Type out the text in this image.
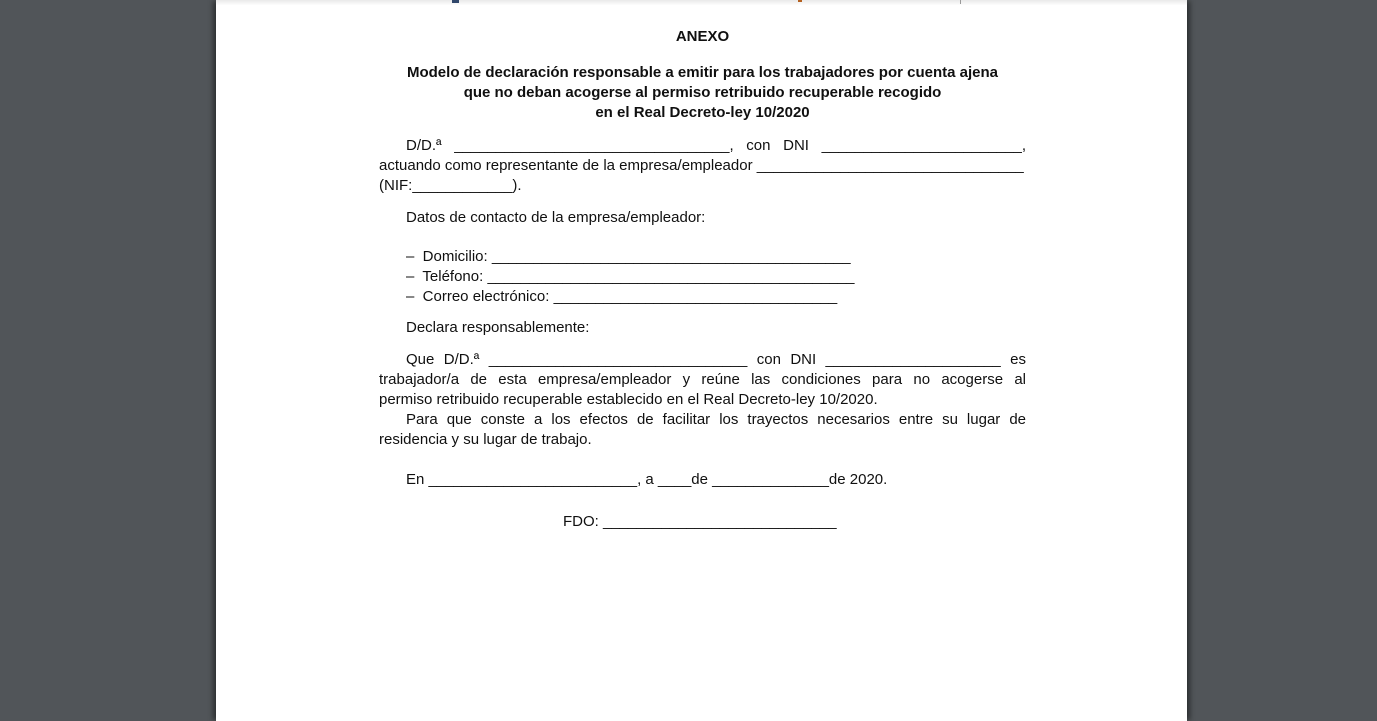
ANEXO
Modelo de declaración responsable a emitir para los trabajadores por cuenta ajena
que no deban acogerse al permiso retribuido recuperable recogido
en el Real Decreto-ley 10/2020
D/D.ª _________________________________, con DNI ________________________,
actuando como representante de la empresa/empleador ________________________________
(NIF:____________).
Datos de contacto de la empresa/empleador:
–  Domicilio: ___________________________________________
–  Teléfono: ____________________________________________
–  Correo electrónico: __________________________________
Declara responsablemente:
Que D/D.ª _______________________________ con DNI _____________________ es
trabajador/a de esta empresa/empleador y reúne las condiciones para no acogerse al
permiso retribuido recuperable establecido en el Real Decreto-ley 10/2020.
Para que conste a los efectos de facilitar los trayectos necesarios entre su lugar de
residencia y su lugar de trabajo.
En _________________________, a ____de ______________de 2020.
FDO: ____________________________
